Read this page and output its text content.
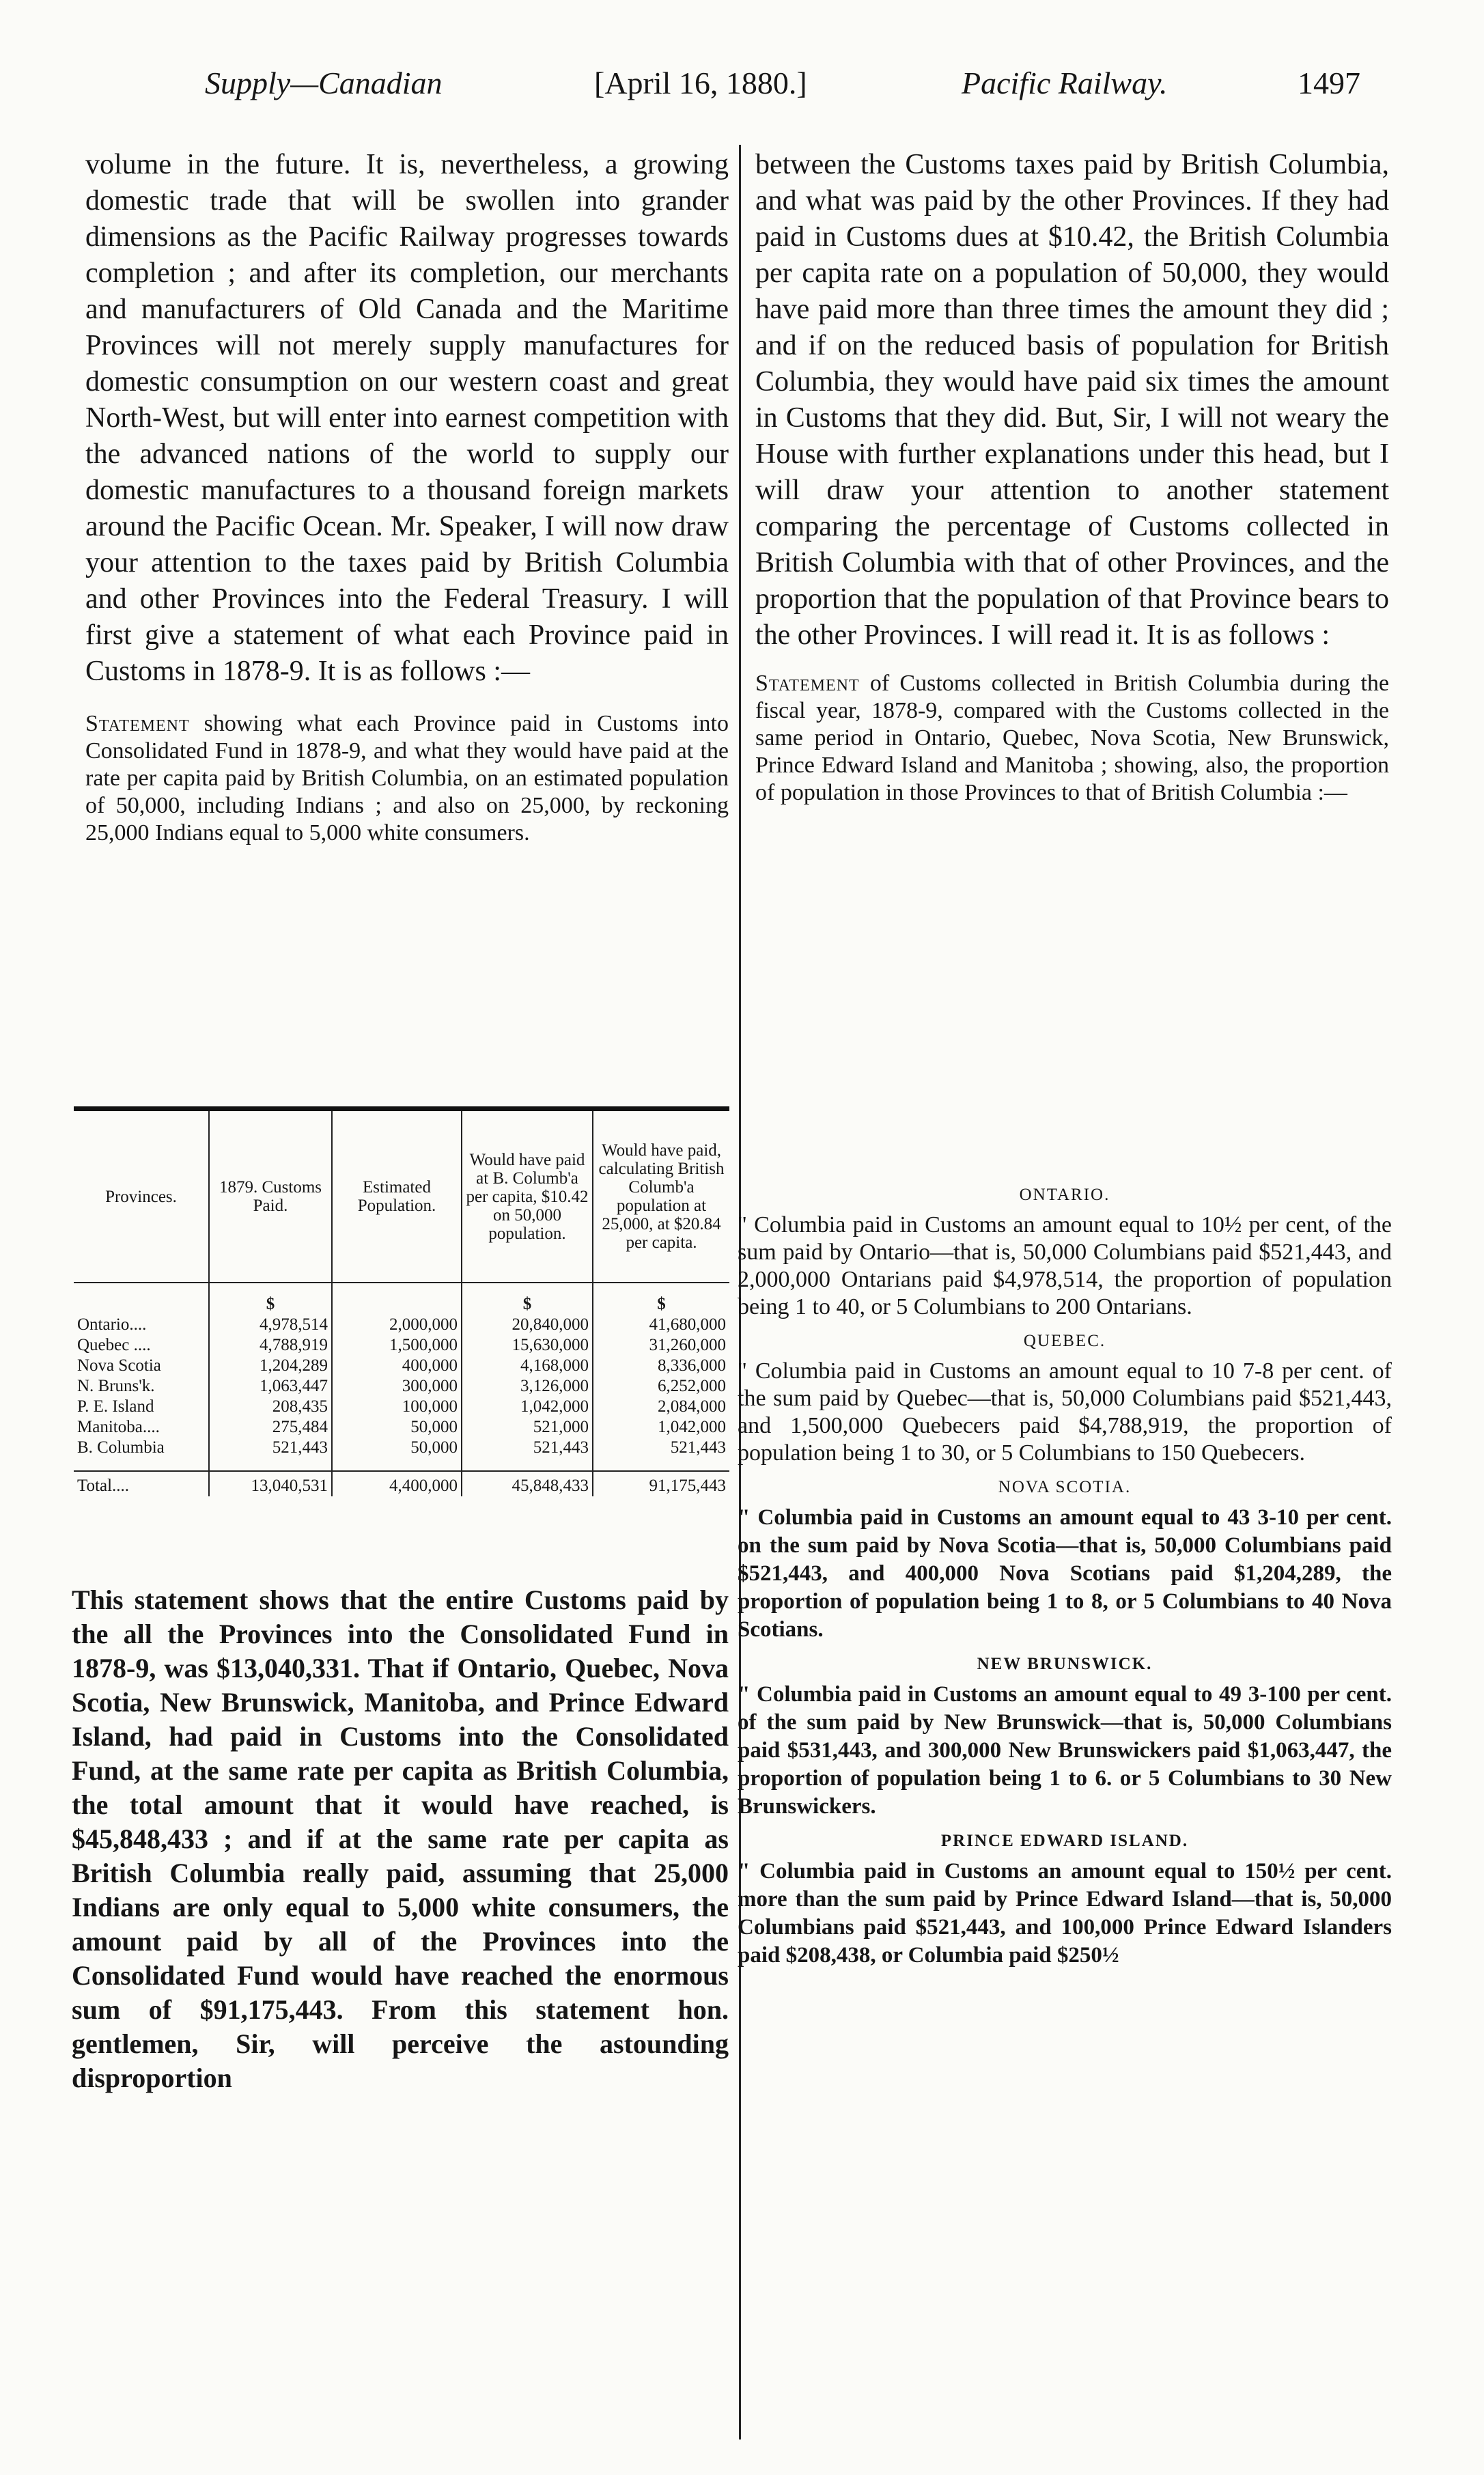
Supply—Canadian	[April 16, 1880.]	Pacific Railway.	1497

volume in the future. It is, nevertheless, a growing domestic trade that will be swollen into grander dimensions as the Pacific Railway progresses towards completion ; and after its completion, our merchants and manufacturers of Old Canada and the Maritime Provinces will not merely supply manufactures for domestic consumption on our western coast and great North-West, but will enter into earnest competition with the advanced nations of the world to supply our domestic manufactures to a thousand foreign markets around the Pacific Ocean. Mr. Speaker, I will now draw your attention to the taxes paid by British Columbia and other Provinces into the Federal Treasury. I will first give a statement of what each Province paid in Customs in 1878-9. It is as follows :—

Statement showing what each Province paid in Customs into Consolidated Fund in 1878-9, and what they would have paid at the rate per capita paid by British Columbia, on an estimated population of 50,000, including Indians ; and also on 25,000, by reckoning 25,000 Indians equal to 5,000 white consumers.

Provinces.	1879. Customs Paid.	Estimated Population.	Would have paid at B. Columb'a per capita, $10.42 on 50,000 population.	Would have paid, calculating British Columb'a population at 25,000, at $20.84 per capita.
	$		$	$
Ontario....	4,978,514	2,000,000	20,840,000	41,680,000
Quebec ....	4,788,919	1,500,000	15,630,000	31,260,000
Nova Scotia	1,204,289	400,000	4,168,000	8,336,000
N. Bruns'k.	1,063,447	300,000	3,126,000	6,252,000
P. E. Island	208,435	100,000	1,042,000	2,084,000
Manitoba....	275,484	50,000	521,000	1,042,000
B. Columbia	521,443	50,000	521,443	521,443
Total....	13,040,531	4,400,000	45,848,433	91,175,443

This statement shows that the entire Customs paid by the all the Provinces into the Consolidated Fund in 1878-9, was $13,040,331. That if Ontario, Quebec, Nova Scotia, New Brunswick, Manitoba, and Prince Edward Island, had paid in Customs into the Consolidated Fund, at the same rate per capita as British Columbia, the total amount that it would have reached, is $45,848,433 ; and if at the same rate per capita as British Columbia really paid, assuming that 25,000 Indians are only equal to 5,000 white consumers, the amount paid by all of the Provinces into the Consolidated Fund would have reached the enormous sum of $91,175,443. From this statement hon. gentlemen, Sir, will perceive the astounding disproportion

between the Customs taxes paid by British Columbia, and what was paid by the other Provinces. If they had paid in Customs dues at $10.42, the British Columbia per capita rate on a population of 50,000, they would have paid more than three times the amount they did ; and if on the reduced basis of population for British Columbia, they would have paid six times the amount in Customs that they did. But, Sir, I will not weary the House with further explanations under this head, but I will draw your attention to another statement comparing the percentage of Customs collected in British Columbia with that of other Provinces, and the proportion that the population of that Province bears to the other Provinces. I will read it. It is as follows :

Statement of Customs collected in British Columbia during the fiscal year, 1878-9, compared with the Customs collected in the same period in Ontario, Quebec, Nova Scotia, New Brunswick, Prince Edward Island and Manitoba ; showing, also, the proportion of population in those Provinces to that of British Columbia :—

ONTARIO.

" Columbia paid in Customs an amount equal to 10½ per cent, of the sum paid by Ontario—that is, 50,000 Columbians paid $521,443, and 2,000,000 Ontarians paid $4,978,514, the proportion of population being 1 to 40, or 5 Columbians to 200 Ontarians.

QUEBEC.

" Columbia paid in Customs an amount equal to 10 7-8 per cent. of the sum paid by Quebec—that is, 50,000 Columbians paid $521,443, and 1,500,000 Quebecers paid $4,788,919, the proportion of population being 1 to 30, or 5 Columbians to 150 Quebecers.

NOVA SCOTIA.

" Columbia paid in Customs an amount equal to 43 3-10 per cent. on the sum paid by Nova Scotia—that is, 50,000 Columbians paid $521,443, and 400,000 Nova Scotians paid $1,204,289, the proportion of population being 1 to 8, or 5 Columbians to 40 Nova Scotians.

NEW BRUNSWICK.

" Columbia paid in Customs an amount equal to 49 3-100 per cent. of the sum paid by New Brunswick—that is, 50,000 Columbians paid $531,443, and 300,000 New Brunswickers paid $1,063,447, the proportion of population being 1 to 6. or 5 Columbians to 30 New Brunswickers.

PRINCE EDWARD ISLAND.

" Columbia paid in Customs an amount equal to 150½ per cent. more than the sum paid by Prince Edward Island—that is, 50,000 Columbians paid $521,443, and 100,000 Prince Edward Islanders paid $208,438, or Columbia paid $250½
